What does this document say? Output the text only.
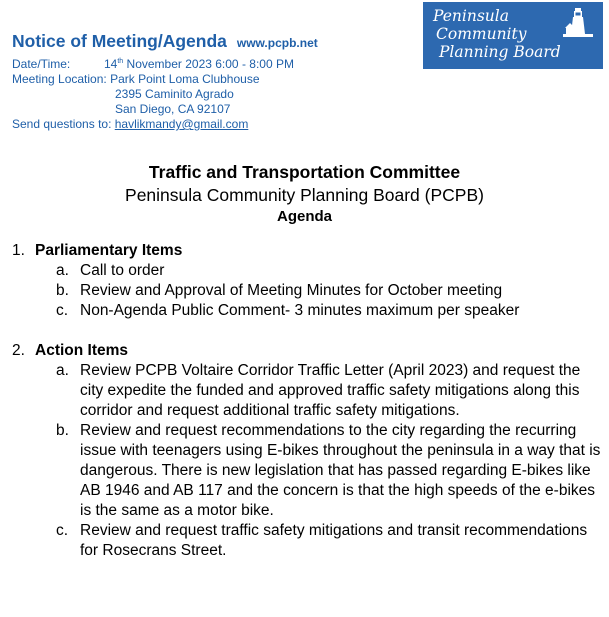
Notice of Meeting/Agenda www.pcpb.net
Date/Time:	14th November 2023 6:00 - 8:00 PM
Meeting Location: Park Point Loma Clubhouse
2395 Caminito Agrado
San Diego, CA 92107
Send questions to: havlikmandy@gmail.com
Peninsula
Community
Planning Board
Traffic and Transportation Committee
Peninsula Community Planning Board (PCPB)
Agenda
1. Parliamentary Items
a. Call to order
b. Review and Approval of Meeting Minutes for October meeting
c. Non-Agenda Public Comment- 3 minutes maximum per speaker
2. Action Items
a. Review PCPB Voltaire Corridor Traffic Letter (April 2023) and request the city expedite the funded and approved traffic safety mitigations along this corridor and request additional traffic safety mitigations.
b. Review and request recommendations to the city regarding the recurring issue with teenagers using E-bikes throughout the peninsula in a way that is dangerous. There is new legislation that has passed regarding E-bikes like AB 1946 and AB 117 and the concern is that the high speeds of the e-bikes is the same as a motor bike.
c. Review and request traffic safety mitigations and transit recommendations for Rosecrans Street.
